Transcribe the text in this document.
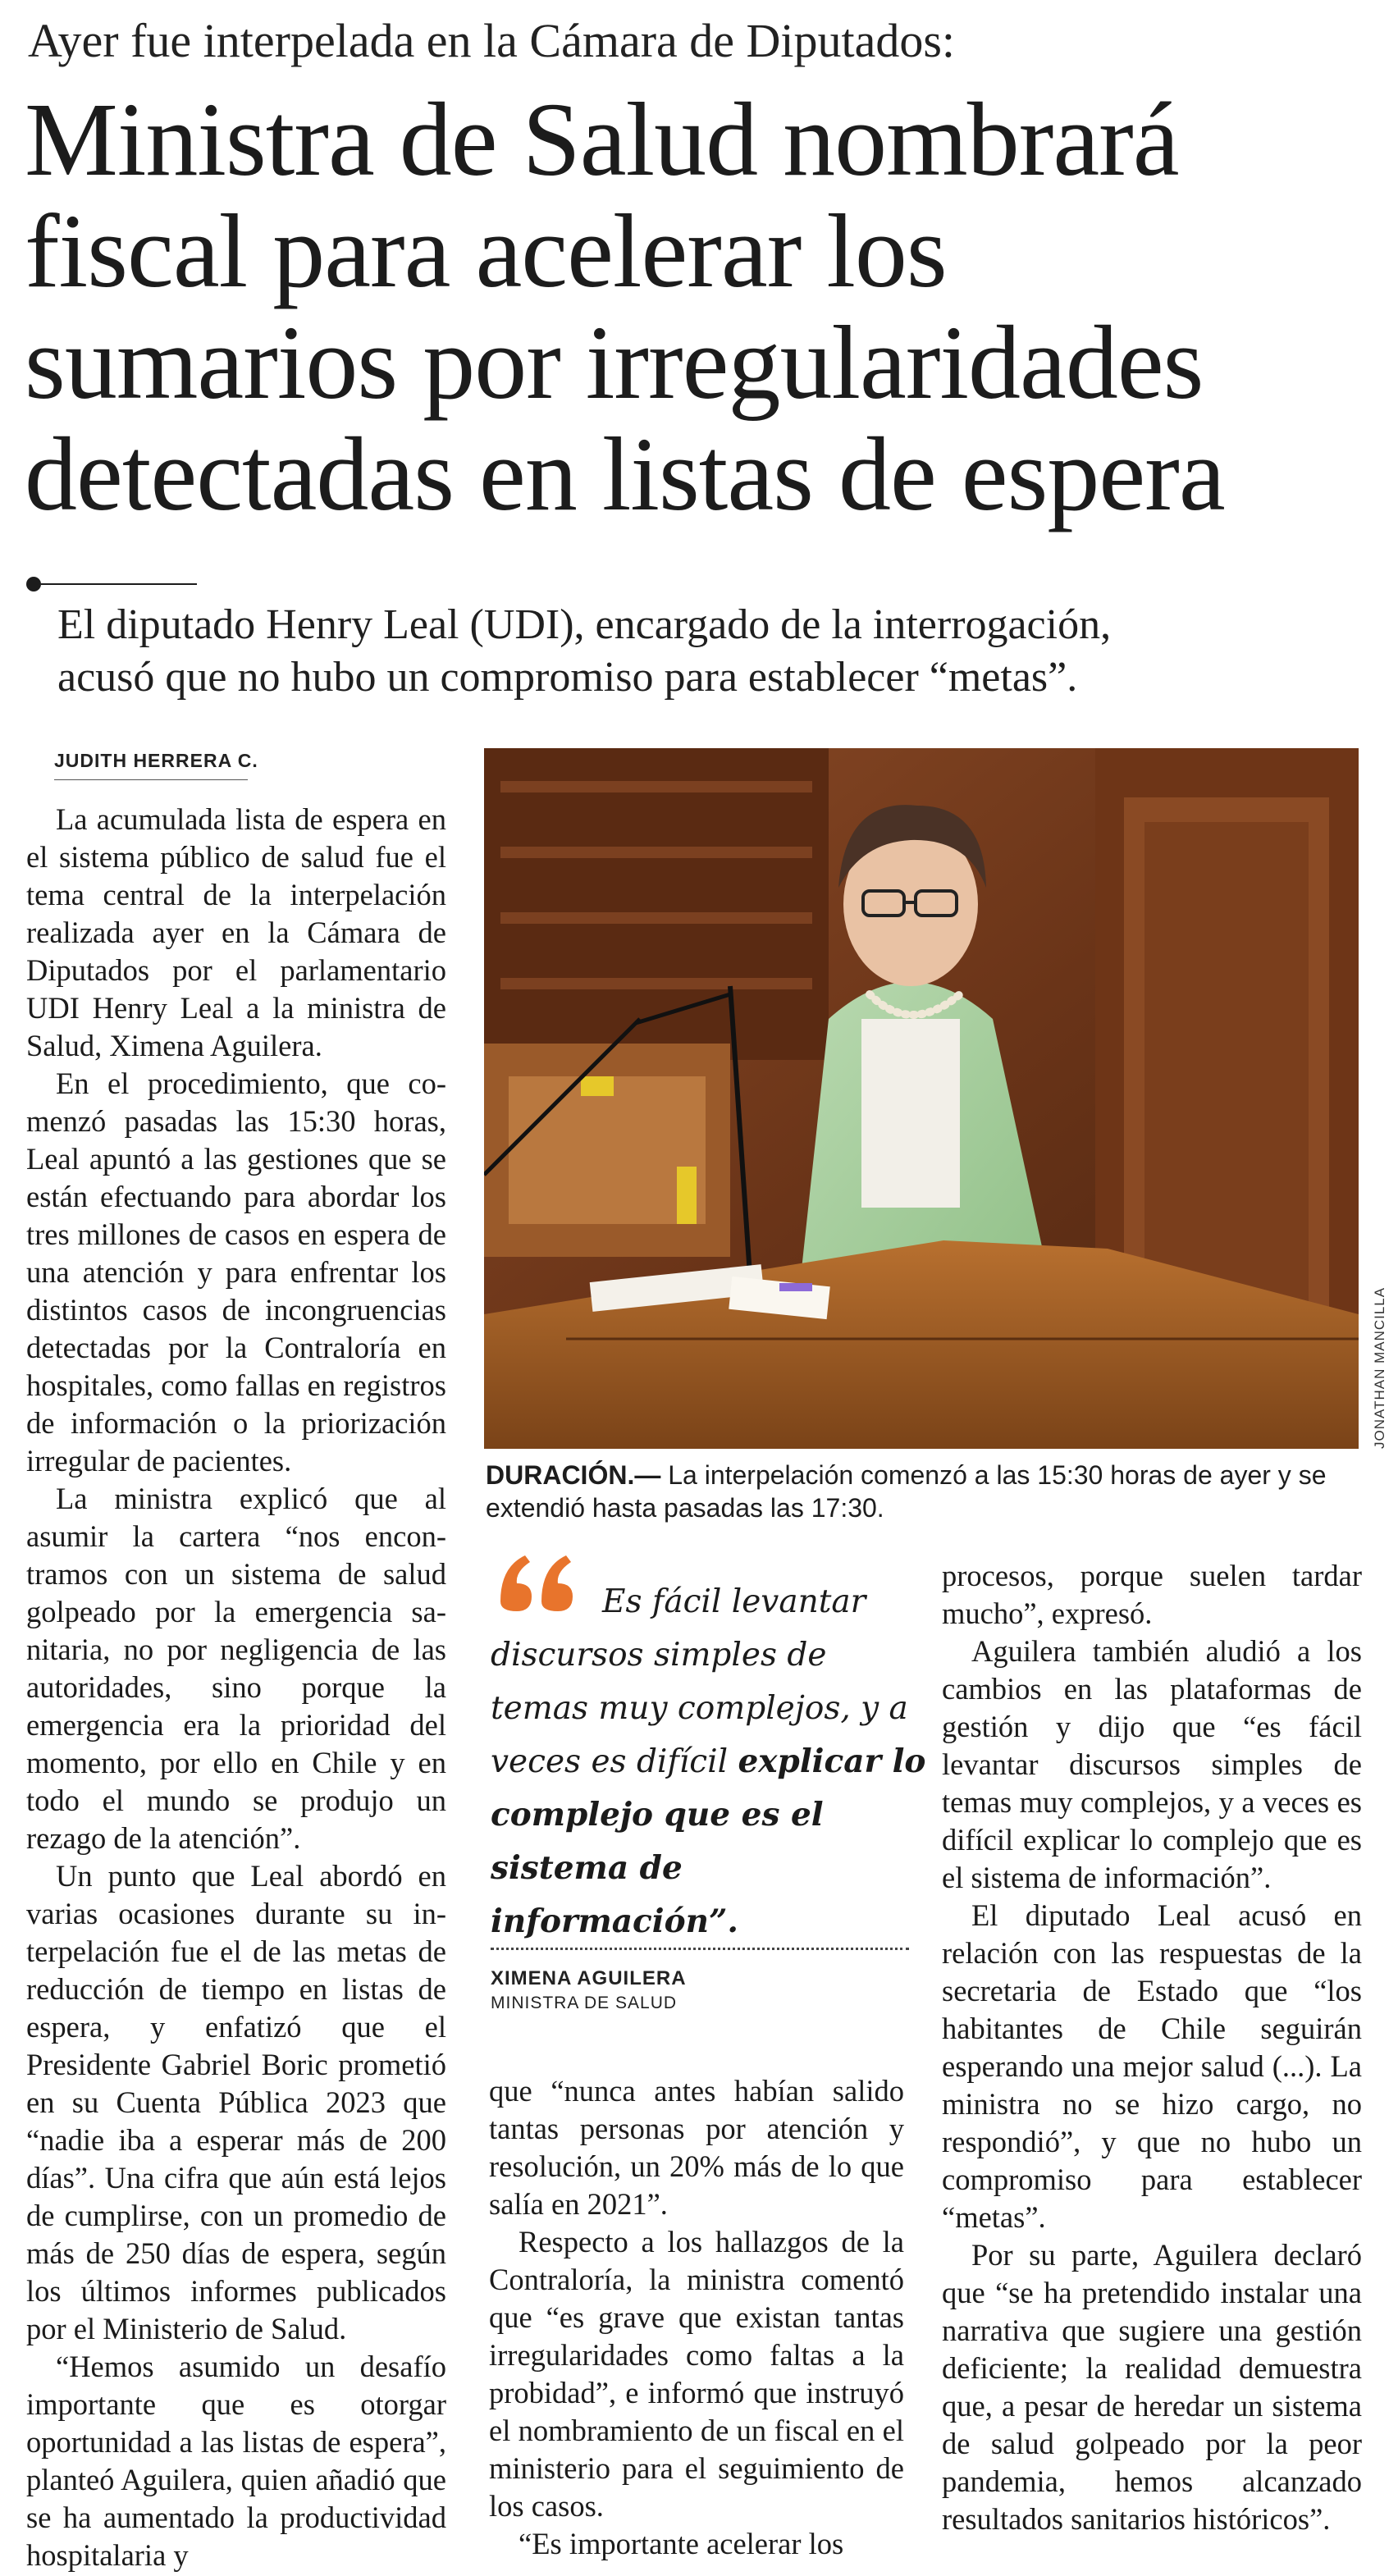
Ayer fue interpelada en la Cámara de Diputados:
Ministra de Salud nombrará
fiscal para acelerar los
sumarios por irregularidades
detectadas en listas de espera
El diputado Henry Leal (UDI), encargado de la interrogación,
acusó que no hubo un compromiso para establecer “metas”.
JUDITH HERRERA C.

La acumulada lista de espera en el sistema público de salud fue el tema central de la interpelación realizada ayer en la Cámara de Diputados por el parlamentario UDI Henry Leal a la ministra de Salud, Ximena Aguilera.

En el procedimiento, que comenzó pasadas las 15:30 horas, Leal apuntó a las gestiones que se están efectuando para abordar los tres millones de casos en espera de una atención y para enfrentar los distintos casos de incongruencias detectadas por la Contraloría en hospitales, como fallas en registros de información o la priorización irregular de pacientes.

La ministra explicó que al asumir la cartera “nos encontramos con un sistema de salud golpeado por la emergencia sanitaria, no por negligencia de las autoridades, sino porque la emergencia era la prioridad del momento, por ello en Chile y en todo el mundo se produjo un rezago de la atención”.

Un punto que Leal abordó en varias ocasiones durante su interpelación fue el de las metas de reducción de tiempo en listas de espera, y enfatizó que el Presidente Gabriel Boric prometió en su Cuenta Pública 2023 que “nadie iba a esperar más de 200 días”. Una cifra que aún está lejos de cumplirse, con un promedio de más de 250 días de espera, según los últimos informes publicados por el Ministerio de Salud.

“Hemos asumido un desafío importante que es otorgar oportunidad a las listas de espera”, planteó Aguilera, quien añadió que se ha aumentado la productividad hospitalaria y

JONATHAN MANCILLA
DURACIÓN.— La interpelación comenzó a las 15:30 horas de ayer y se extendió hasta pasadas las 17:30.
Es fácil levantar
discursos simples de
temas muy complejos, y a
veces es difícil explicar lo
complejo que es el
sistema de
información”.
XIMENA AGUILERA
MINISTRA DE SALUD

que “nunca antes habían salido tantas personas por atención y resolución, un 20% más de lo que salía en 2021”.

Respecto a los hallazgos de la Contraloría, la ministra comentó que “es grave que existan tantas irregularidades como faltas a la probidad”, e informó que instruyó el nombramiento de un fiscal en el ministerio para el seguimiento de los casos.

“Es importante acelerar los

procesos, porque suelen tardar mucho”, expresó.

Aguilera también aludió a los cambios en las plataformas de gestión y dijo que “es fácil levantar discursos simples de temas muy complejos, y a veces es difícil explicar lo complejo que es el sistema de información”.

El diputado Leal acusó en relación con las respuestas de la secretaria de Estado que “los habitantes de Chile seguirán esperando una mejor salud (...). La ministra no se hizo cargo, no respondió”, y que no hubo un compromiso para establecer “metas”.

Por su parte, Aguilera declaró que “se ha pretendido instalar una narrativa que sugiere una gestión deficiente; la realidad demuestra que, a pesar de heredar un sistema de salud golpeado por la peor pandemia, hemos alcanzado resultados sanitarios históricos”.
